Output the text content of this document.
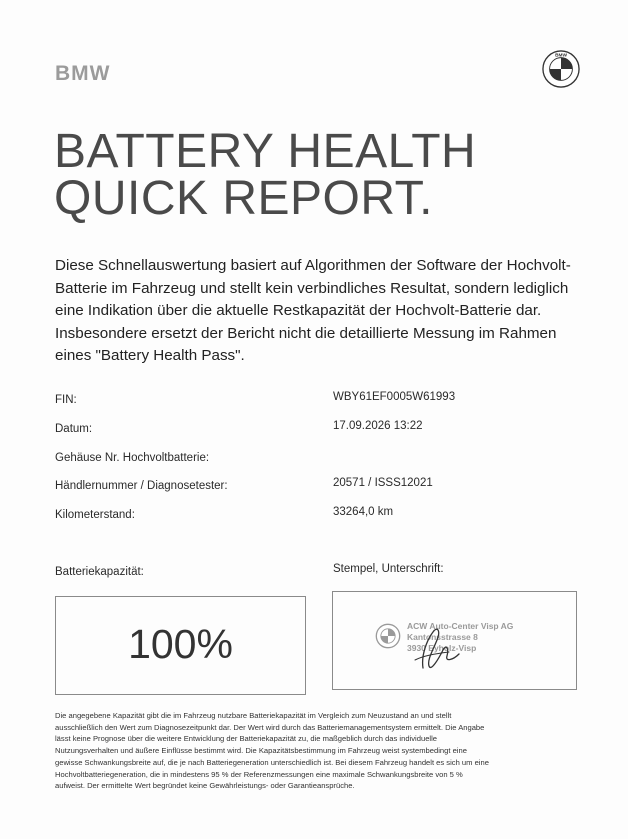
BMW
BMW
BATTERY HEALTH
QUICK REPORT.
Diese Schnellauswertung basiert auf Algorithmen der Software der Hochvolt-
Batterie im Fahrzeug und stellt kein verbindliches Resultat, sondern lediglich
eine Indikation über die aktuelle Restkapazität der Hochvolt-Batterie dar.
Insbesondere ersetzt der Bericht nicht die detaillierte Messung im Rahmen
eines "Battery Health Pass".
FIN:	WBY61EF0005W61993
Datum:	17.09.2026 13:22
Gehäuse Nr. Hochvoltbatterie:
Händlernummer / Diagnosetester:	20571 / ISSS12021
Kilometerstand:	33264,0 km
Batteriekapazität:	Stempel, Unterschrift:
100%	ACW Auto-Center Visp AG
Kantonsstrasse 8
3930 Eyholz-Visp
Die angegebene Kapazität gibt die im Fahrzeug nutzbare Batteriekapazität im Vergleich zum Neuzustand an und stellt
ausschließlich den Wert zum Diagnosezeitpunkt dar. Der Wert wird durch das Batteriemanagementsystem ermittelt. Die Angabe
lässt keine Prognose über die weitere Entwicklung der Batteriekapazität zu, die maßgeblich durch das individuelle
Nutzungsverhalten und äußere Einflüsse bestimmt wird. Die Kapazitätsbestimmung im Fahrzeug weist systembedingt eine
gewisse Schwankungsbreite auf, die je nach Batteriegeneration unterschiedlich ist. Bei diesem Fahrzeug handelt es sich um eine
Hochvoltbatteriegeneration, die in mindestens 95 % der Referenzmessungen eine maximale Schwankungsbreite von 5 %
aufweist. Der ermittelte Wert begründet keine Gewährleistungs- oder Garantieansprüche.
